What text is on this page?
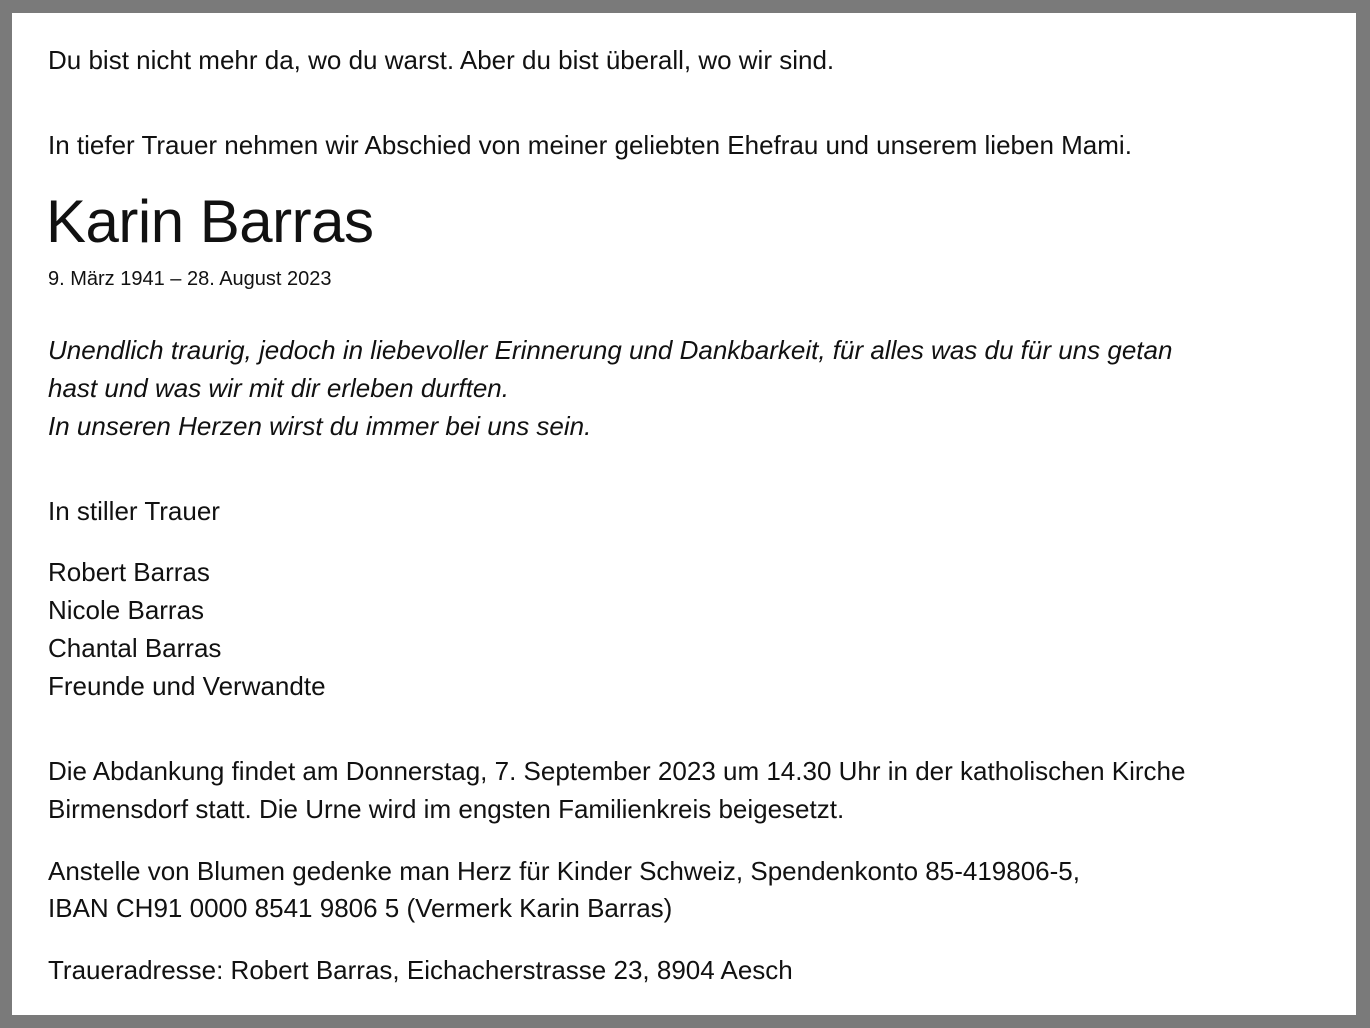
Du bist nicht mehr da, wo du warst. Aber du bist überall, wo wir sind.
In tiefer Trauer nehmen wir Abschied von meiner geliebten Ehefrau und unserem lieben Mami.
Karin Barras
9. März 1941 – 28. August 2023
Unendlich traurig, jedoch in liebevoller Erinnerung und Dankbarkeit, für alles was du für uns getan
hast und was wir mit dir erleben durften.
In unseren Herzen wirst du immer bei uns sein.
In stiller Trauer
Robert Barras
Nicole Barras
Chantal Barras
Freunde und Verwandte
Die Abdankung findet am Donnerstag, 7. September 2023 um 14.30 Uhr in der katholischen Kirche
Birmensdorf statt. Die Urne wird im engsten Familienkreis beigesetzt.
Anstelle von Blumen gedenke man Herz für Kinder Schweiz, Spendenkonto 85-419806-5,
IBAN CH91 0000 8541 9806 5 (Vermerk Karin Barras)
Traueradresse: Robert Barras, Eichacherstrasse 23, 8904 Aesch
